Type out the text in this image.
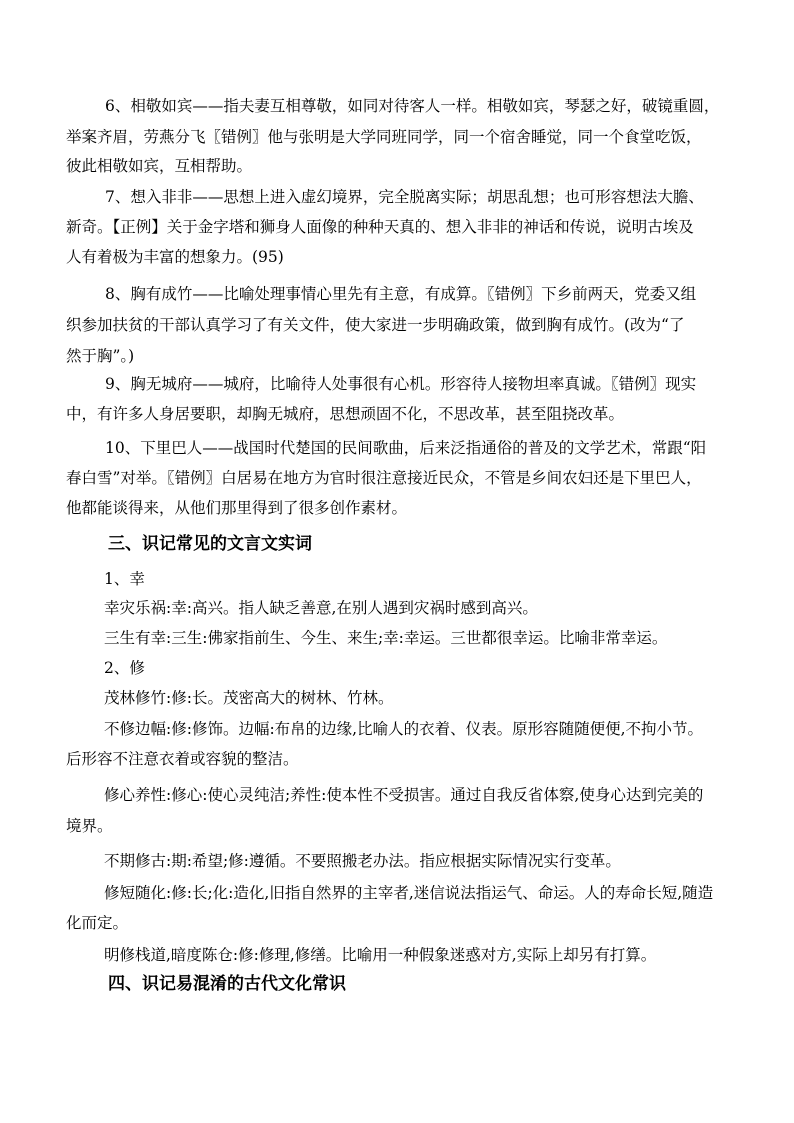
6、相敬如宾——指夫妻互相尊敬，如同对待客人一样。相敬如宾，琴瑟之好，破镜重圆，
举案齐眉，劳燕分飞〖错例〗他与张明是大学同班同学，同一个宿舍睡觉，同一个食堂吃饭，
彼此相敬如宾，互相帮助。
7、想入非非——思想上进入虚幻境界，完全脱离实际；胡思乱想；也可形容想法大膽、
新奇。【正例】关于金字塔和狮身人面像的种种天真的、想入非非的神话和传说，说明古埃及
人有着极为丰富的想象力。(95)
8、胸有成竹——比喻处理事情心里先有主意，有成算。〖错例〗下乡前两天，党委又组
织参加扶贫的干部认真学习了有关文件，使大家进一步明确政策，做到胸有成竹。(改为“了
然于胸”。)
9、胸无城府——城府，比喻待人处事很有心机。形容待人接物坦率真诚。〖错例〗现实
中，有许多人身居要职，却胸无城府，思想顽固不化，不思改革，甚至阻挠改革。
10、下里巴人——战国时代楚国的民间歌曲，后来泛指通俗的普及的文学艺术，常跟“阳
春白雪”对举。〖错例〗白居易在地方为官时很注意接近民众，不管是乡间农妇还是下里巴人，
他都能谈得来，从他们那里得到了很多创作素材。
三、识记常见的文言文实词
1、幸
幸灾乐祸:幸:高兴。指人缺乏善意,在别人遇到灾祸时感到高兴。
三生有幸:三生:佛家指前生、今生、来生;幸:幸运。三世都很幸运。比喻非常幸运。
2、修
茂林修竹:修:长。茂密高大的树林、竹林。
不修边幅:修:修饰。边幅:布帛的边缘,比喻人的衣着、仪表。原形容随随便便,不拘小节。
后形容不注意衣着或容貌的整洁。
修心养性:修心:使心灵纯洁;养性:使本性不受损害。通过自我反省体察,使身心达到完美的
境界。
不期修古:期:希望;修:遵循。不要照搬老办法。指应根据实际情况实行变革。
修短随化:修:长;化:造化,旧指自然界的主宰者,迷信说法指运气、命运。人的寿命长短,随造
化而定。
明修栈道,暗度陈仓:修:修理,修缮。比喻用一种假象迷惑对方,实际上却另有打算。
四、识记易混淆的古代文化常识
